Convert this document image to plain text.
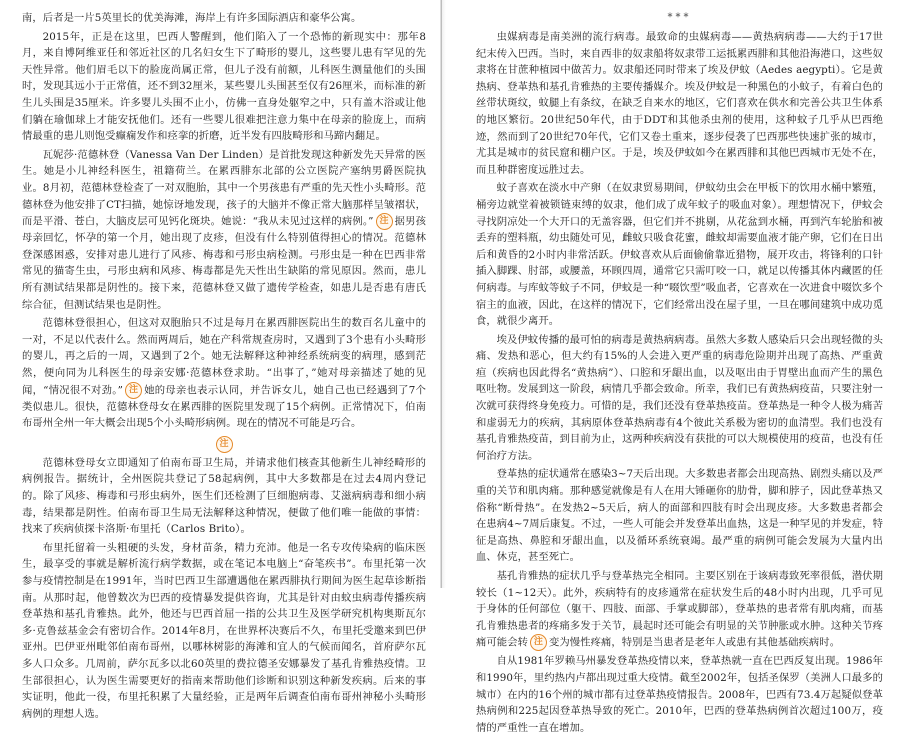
南，后者是一片5英里长的优美海滩，海岸上有许多国际酒店和豪华公寓。

2015年，正是在这里，巴西人警醒到，他们陷入了一个恐怖的新现实中：那年8月，来自博阿维亚任和邻近社区的几名妇女生下了畸形的婴儿，这些婴儿患有罕见的先天性异常。他们眉毛以下的脸庞尚属正常，但儿子没有前额，儿科医生测量他们的头围时，发现其远小于正常值，还不到32厘米，某些婴儿头围甚至仅有26厘米，而标准的新生儿头围是35厘米。许多婴儿头围不止小，仿佛一直身处躯窄之中，只有盖木浴或让他们躺在瑜伽球上才能安抚他们。还有一些婴儿很难把注意力集中在母亲的脸庞上，而病情最重的患儿则饱受癫痫发作和痉挛的折磨，近半发有四肢畸形和马蹄内翻足。

瓦妮莎·范德林登（Vanessa Van Der Linden）是首批发现这种新发先天异常的医生。她是小儿神经科医生，祖籍荷兰。在累西腓东北部的公立医院产塞纳男爵医院执业。8月初，范德林登检查了一对双胞胎，其中一个男孩患有严重的先天性小头畸形。范德林登为他安排了CT扫描，她惊讶地发现，孩子的大脑并不像正常大脑那样呈皱褶状，而是平滑、苍白，大脑皮层可见钙化斑块。她说：“我从未见过这样的病例。” 注 据男孩母亲回忆，怀孕的第一个月，她出现了皮疹，但没有什么特别值得担心的情况。范德林登深感困惑，安排对患儿进行了风疹、梅毒和弓形虫病检测。弓形虫是一种在巴西非常常见的猫寄生虫，弓形虫病和风疹、梅毒都是先天性出生缺陷的常见原因。然而，患儿所有测试结果都是阴性的。接下来，范德林登又做了遗传学检查，如患儿是否患有唐氏综合征，但测试结果也是阴性。

范德林登很担心，但这对双胞胎只不过是每月在累西腓医院出生的数百名儿童中的一对，不足以代表什么。然而两周后，她在产科常规查房时，又遇到了3个患有小头畸形的婴儿，再之后的一周，又遇到了2个。她无法解释这种神经系统病变的病理，感到茫然，便向同为儿科医生的母亲安娜·范德林登求助。“出事了，”她对母亲描述了她的见闻，“情况很不对劲。” 注 她的母亲也表示认同，并告诉女儿，她自己也已经遇到了7个类似患儿。很快，范德林登母女在累西腓的医院里发现了15个病例。正常情况下，伯南布哥州全州一年大概会出现5个小头畸形病例。现在的情况不可能是巧合。

注

范德林登母女立即通知了伯南布哥卫生局，并请求他们核查其他新生儿神经畸形的病例报告。据统计，全州医院共登记了58起病例，其中大多数都是在过去4周内登记的。除了风疹、梅毒和弓形虫病外，医生们还检测了巨细胞病毒、艾滋病病毒和细小病毒，结果都是阴性。伯南布哥卫生局无法解释这种情况，便做了他们唯一能做的事情：找来了疾病侦探卡洛斯·布里托（Carlos Brito）。

布里托留着一头粗硬的头发，身材苗条，精力充沛。他是一名专攻传染病的临床医生，最享受的事就是解析流行病学数据，或在笔记本电脑上“奋笔疾书”。布里托第一次参与疫情控制是在1991年，当时巴西卫生部遭遇他在累西腓执行期间为医生起草诊断指南。从那时起，他曾数次为巴西的疫情暴发提供咨询，尤其是针对由蚊虫病毒传播疾病登革热和基孔肯雅热。此外，他还与巴西首屈一指的公共卫生及医学研究机构奥斯瓦尔多·克鲁兹基金会有密切合作。2014年8月，在世界杯决赛后不久，布里托受邀来到巴伊亚州。巴伊亚州毗邻伯南布哥州，以哪林树影的海滩和宜人的气候而闻名，首府萨尔瓦多人口众多。几周前，萨尔瓦多以北60英里的费拉德圣安娜暴发了基孔肯雅热疫情。卫生部很担心，认为医生需要更好的指南来帮助他们诊断和识别这种新发疾病。后来的事实证明，他此一役，布里托积累了大量经验，正是两年后调查伯南布哥州神秘小头畸形病例的理想人选。

***

虫媒病毒是南美洲的流行病毒。最致命的虫媒病毒——黄热病病毒——大约于17世纪末传入巴西。当时，来自西非的奴隶船将奴隶带工运抵累西腓和其他沿海港口，这些奴隶将在甘蔗种植园中做苦力。奴隶船还同时带来了埃及伊蚊（Aedes aegypti）。它是黄热病、登革热和基孔肯雅热的主要传播媒介。埃及伊蚊是一种黑色的小蚊子，有着白色的丝带状斑纹，蚊腿上有条纹，在缺乏自来水的地区，它们喜欢在供水和完善公共卫生体系的地区繁衍。20世纪50年代，由于DDT和其他杀虫剂的使用，这种蚊子几乎从巴西绝迹，然而到了20世纪70年代，它们又卷土重来，逐步侵袭了巴西那些快速扩张的城市，尤其是城市的贫民窟和棚户区。于是，埃及伊蚊如今在累西腓和其他巴西城市无处不在，而且种群密度远胜过去。

蚊子喜欢在淡水中产卵（在奴隶贸易期间，伊蚊幼虫会在甲板下的饮用水桶中繁殖，桶旁边就堂着被锁链束缚的奴隶，他们成了成年蚊子的吸血对象）。理想情况下，伊蚊会寻找阴凉处一个大开口的无盖容器，但它们并不挑剔，从花盆到水桶，再到汽车轮胎和被丢弃的塑料瓶，幼虫随处可见，雌蚊只吸食花蜜，雌蚊却需要血液才能产卵，它们在日出后和黄昏的2小时内非常活跃。伊蚊喜欢从后面偷偷靠近猎物，展开攻击，将锋利的口针插入脚踝、肘部，或腰盖，环顾四周，通常它只需叮咬一口，就足以传播其体内藏匿的任何病毒。与库蚊等蚊子不同，伊蚊是一种“啜饮型”吸血者，它喜欢在一次进食中啜饮多个宿主的血液，因此，在这样的情况下，它们经常出没在屋子里，一旦在哪间建筑中成功觅食，就很少离开。

埃及伊蚊传播的最可怕的病毒是黄热病病毒。虽然大多数人感染后只会出现轻微的头痛、发热和恶心，但大约有15%的人会进入更严重的病毒危险期并出现了高热、严重黄疸（疾病也因此得名“黄热病”）、口腔和牙龈出血，以及呕出由于胃壁出血而产生的黑色呕吐物。发展到这一阶段，病情几乎都会致命。所幸，我们已有黄热病疫苗，只要注射一次就可获得终身免疫力。可惜的是，我们还没有登革热疫苗。登革热是一种令人极为痛苦和虚弱无力的疾病，其病原体登革热病毒有4个彼此关系极为密切的血清型。我们也没有基孔肯雅热疫苗，到目前为止，这两种疾病没有获批的可以大规模使用的疫苗，也没有任何治疗方法。

登革热的症状通常在感染3~7天后出现。大多数患者都会出现高热、剧烈头痛以及严重的关节和肌肉痛。那种感觉就像是有人在用大锤砸你的肋骨，脚和脖子，因此登革热又俗称“断骨热”。在发热2~5天后，病人的面部和四肢有时会出现皮疹。大多数患者都会在患病4~7周后康复。不过，一些人可能会并发登革出血热，这是一种罕见的并发症，特征是高热、鼻腔和牙龈出血，以及循环系统衰竭。最严重的病例可能会发展为大量内出血、休克，甚至死亡。

基孔肯雅热的症状几乎与登革热完全相同。主要区别在于该病毒致死率很低，潜伏期较长（1~12天）。此外，疾病特有的皮疹通常在症状发生后的48小时内出现，几乎可见于身体的任何部位（躯干、四肢、面部、手掌或脚部），登革热的患者常有肌肉痛，而基孔肯雅热患者的疼痛多发于关节，晨起时还可能会有明显的关节肿胀或水肿。这种关节疼痛可能会转 注 变为慢性疼痛，特别是当患者是老年人或患有其他基础疾病时。

自从1981年罗赖马州暴发登革热疫情以来，登革热就一直在巴西反复出现。1986年和1990年，里约热内卢都出现过重大疫情。截至2002年，包括圣保罗（美洲人口最多的城市）在内的16个州的城市都有过登革热疫情报告。2008年，巴西有73.4万起疑似登革热病例和225起因登革热导致的死亡。2010年，巴西的登革热病例首次超过100万，疫情的严重性一直在增加。
